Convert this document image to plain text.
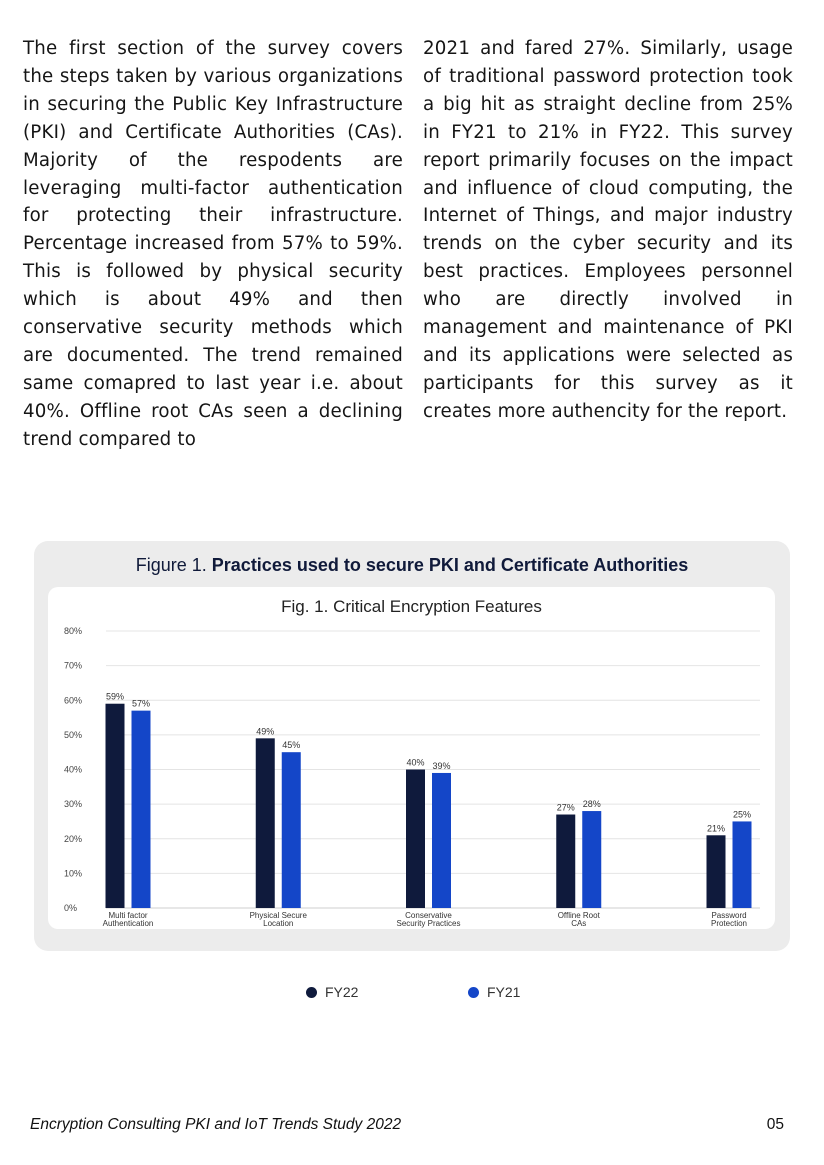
The first section of the survey covers the steps taken by various organizations in securing the Public Key Infrastructure (PKI) and Certificate Authorities (CAs). Majority of the respodents are leveraging multi-factor authentication for protecting their infrastructure. Percentage increased from 57% to 59%. This is followed by physical security which is about 49% and then conservative security methods which are documented. The trend remained same comapred to last year i.e. about 40%. Offline root CAs seen a declining trend compared to
2021 and fared 27%. Similarly, usage of traditional password protection took a big hit as straight decline from 25% in FY21 to 21% in FY22. This survey report primarily focuses on the impact and influence of cloud computing, the Internet of Things, and major industry trends on the cyber security and its best practices. Employees personnel who are directly involved in management and maintenance of PKI and its applications were selected as participants for this survey as it creates more authencity for the report.
Figure 1. Practices used to secure PKI and Certificate Authorities
Fig. 1. Critical Encryption Features
0%
10%
20%
30%
40%
50%
60%
70%
80%
59%
57%
Multi factor
Authentication
49%
45%
Physical Secure
Location
40% 39%
Conservative
Security Practices
27% 28%
Offline Root
CAs
21%
25%
Password
Protection
FY22	FY21
Encryption Consulting PKI and IoT Trends Study 2022	05
